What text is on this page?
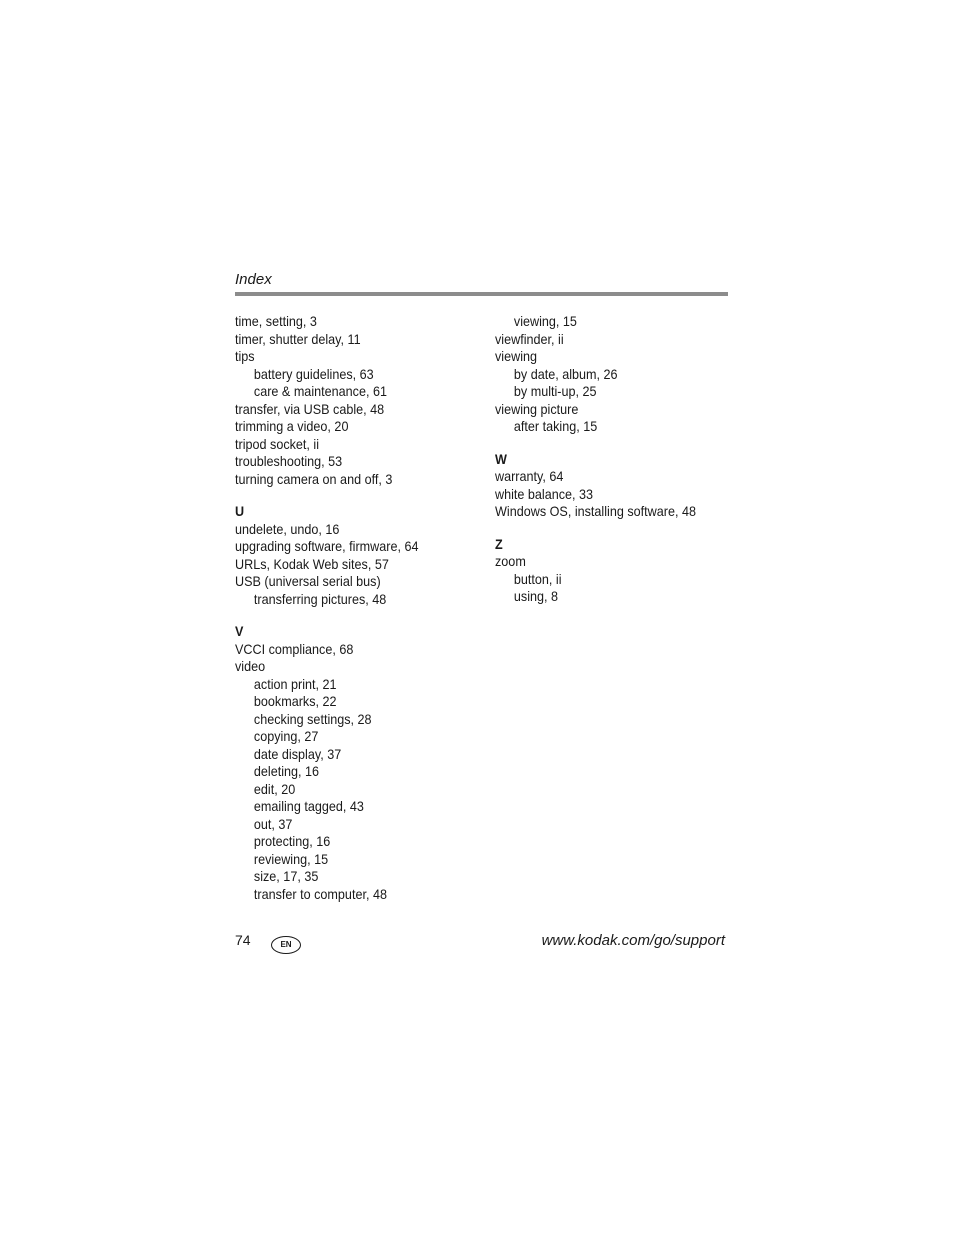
Index
time, setting, 3
timer, shutter delay, 11
tips
battery guidelines, 63
care & maintenance, 61
transfer, via USB cable, 48
trimming a video, 20
tripod socket, ii
troubleshooting, 53
turning camera on and off, 3
U
undelete, undo, 16
upgrading software, firmware, 64
URLs, Kodak Web sites, 57
USB (universal serial bus)
transferring pictures, 48
V
VCCI compliance, 68
video
action print, 21
bookmarks, 22
checking settings, 28
copying, 27
date display, 37
deleting, 16
edit, 20
emailing tagged, 43
out, 37
protecting, 16
reviewing, 15
size, 17, 35
transfer to computer, 48
viewing, 15
viewfinder, ii
viewing
by date, album, 26
by multi-up, 25
viewing picture
after taking, 15
W
warranty, 64
white balance, 33
Windows OS, installing software, 48
Z
zoom
button, ii
using, 8
74	EN	www.kodak.com/go/support
